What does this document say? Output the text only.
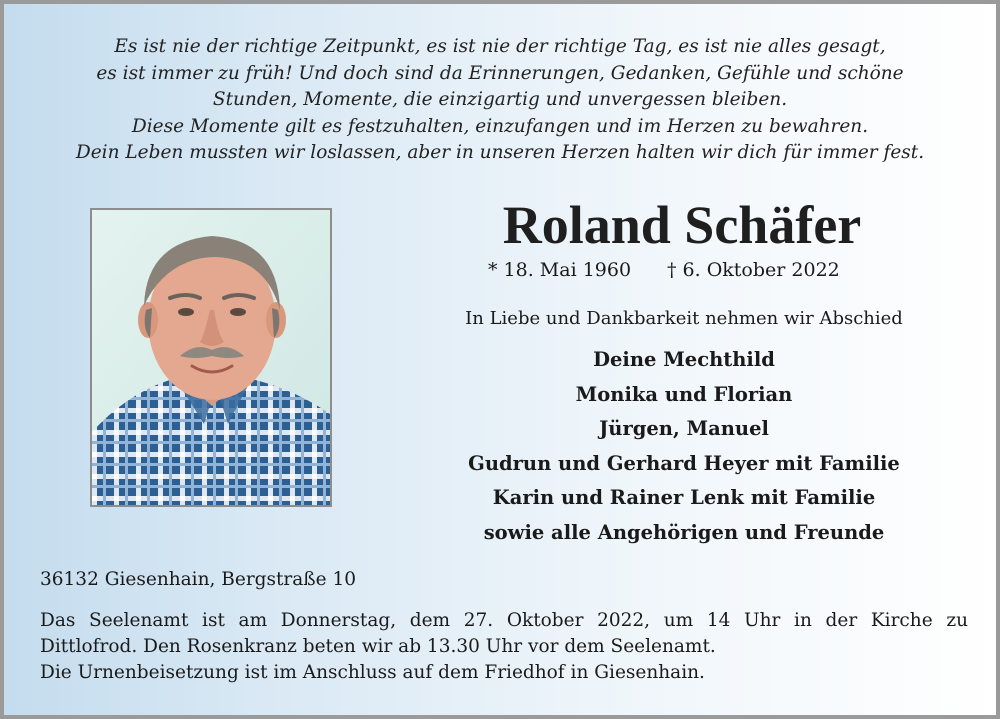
Es ist nie der richtige Zeitpunkt, es ist nie der richtige Tag, es ist nie alles gesagt,
es ist immer zu früh! Und doch sind da Erinnerungen, Gedanken, Gefühle und schöne
Stunden, Momente, die einzigartig und unvergessen bleiben.
Diese Momente gilt es festzuhalten, einzufangen und im Herzen zu bewahren.
Dein Leben mussten wir loslassen, aber in unseren Herzen halten wir dich für immer fest.
Roland Schäfer
* 18. Mai 1960 † 6. Oktober 2022
In Liebe und Dankbarkeit nehmen wir Abschied
Deine Mechthild
Monika und Florian
Jürgen, Manuel
Gudrun und Gerhard Heyer mit Familie
Karin und Rainer Lenk mit Familie
sowie alle Angehörigen und Freunde
36132 Giesenhain, Bergstraße 10
Das Seelenamt ist am Donnerstag, dem 27. Oktober 2022, um 14 Uhr in der Kirche zu
Dittlofrod. Den Rosenkranz beten wir ab 13.30 Uhr vor dem Seelenamt.
Die Urnenbeisetzung ist im Anschluss auf dem Friedhof in Giesenhain.
